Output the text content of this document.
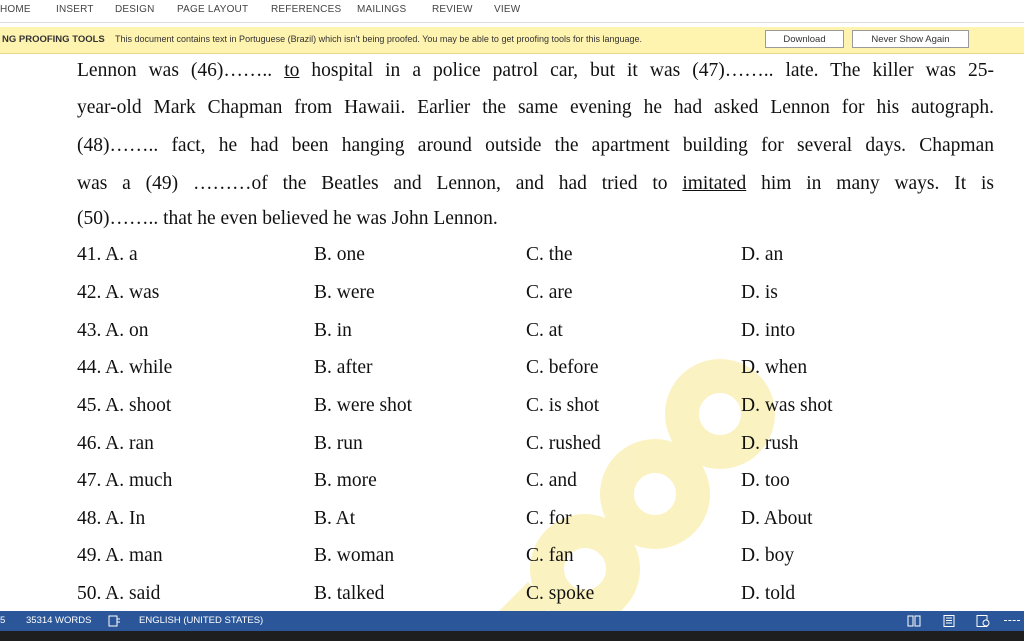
HOME	INSERT DESIGN PAGE LAYOUT REFERENCES MAILINGS	REVIEW VIEW
NG PROOFING TOOLS This document contains text in Portuguese (Brazil) which isn't being proofed. You may be able to get proofing tools for this language.	Download	Never Show Again
Lennon was (46)…….. to hospital in a police patrol car, but it was (47)…….. late. The killer was 25-
year-old Mark Chapman from Hawaii. Earlier the same evening he had asked Lennon for his autograph.
(48)…….. fact, he had been hanging around outside the apartment building for several days. Chapman
was a (49) ………of the Beatles and Lennon, and had tried to imitated him in many ways. It is
(50)…….. that he even believed he was John Lennon.
41. A. a	B. one	C. the	D. an
42. A. was	B. were	C. are	D. is
43. A. on	B. in	C. at	D. into
44. A. while	B. after	C. before	D. when
45. A. shoot	B. were shot	C. is shot	D. was shot
46. A. ran	B. run	C. rushed	D. rush
47. A. much	B. more	C. and	D. too
48. A. In	B. At	C. for	D. About
49. A. man	B. woman	C. fan	D. boy
50. A. said	B. talked	C. spoke	D. told
5 35314 WORDS	ENGLISH (UNITED STATES)
